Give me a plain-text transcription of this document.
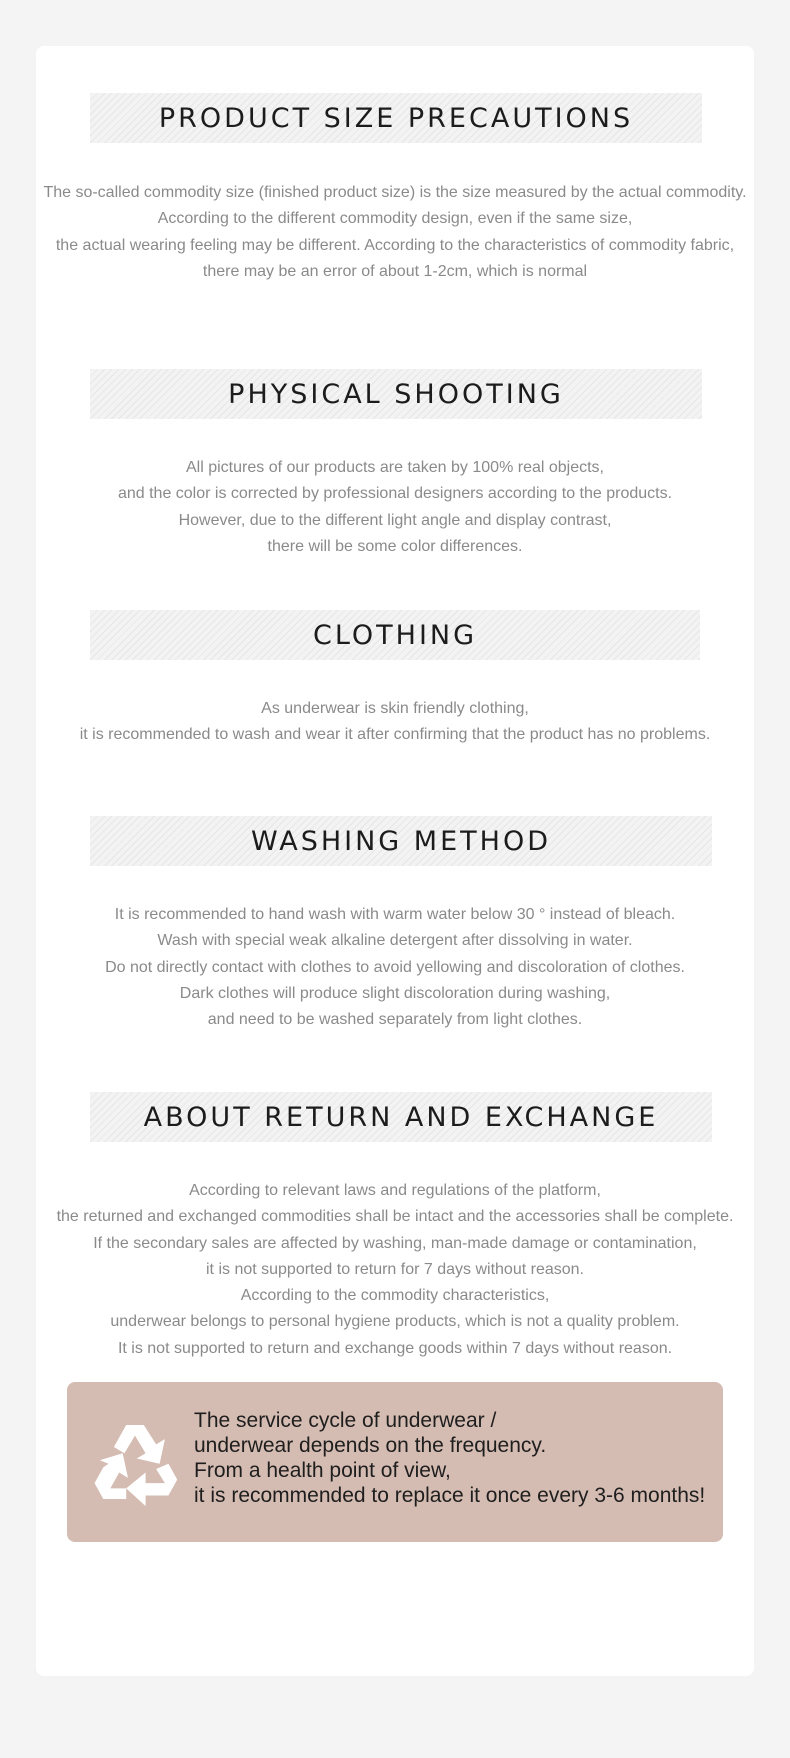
PRODUCT SIZE PRECAUTIONS
The so-called commodity size (finished product size) is the size measured by the actual commodity.
According to the different commodity design, even if the same size,
the actual wearing feeling may be different. According to the characteristics of commodity fabric,
there may be an error of about 1-2cm, which is normal
PHYSICAL SHOOTING
All pictures of our products are taken by 100% real objects,
and the color is corrected by professional designers according to the products.
However, due to the different light angle and display contrast,
there will be some color differences.
CLOTHING
As underwear is skin friendly clothing,
it is recommended to wash and wear it after confirming that the product has no problems.
WASHING METHOD
It is recommended to hand wash with warm water below 30 ° instead of bleach.
Wash with special weak alkaline detergent after dissolving in water.
Do not directly contact with clothes to avoid yellowing and discoloration of clothes.
Dark clothes will produce slight discoloration during washing,
and need to be washed separately from light clothes.
ABOUT RETURN AND EXCHANGE
According to relevant laws and regulations of the platform,
the returned and exchanged commodities shall be intact and the accessories shall be complete.
If the secondary sales are affected by washing, man-made damage or contamination,
it is not supported to return for 7 days without reason.
According to the commodity characteristics,
underwear belongs to personal hygiene products, which is not a quality problem.
It is not supported to return and exchange goods within 7 days without reason.
The service cycle of underwear /
underwear depends on the frequency.
From a health point of view,
it is recommended to replace it once every 3-6 months!
